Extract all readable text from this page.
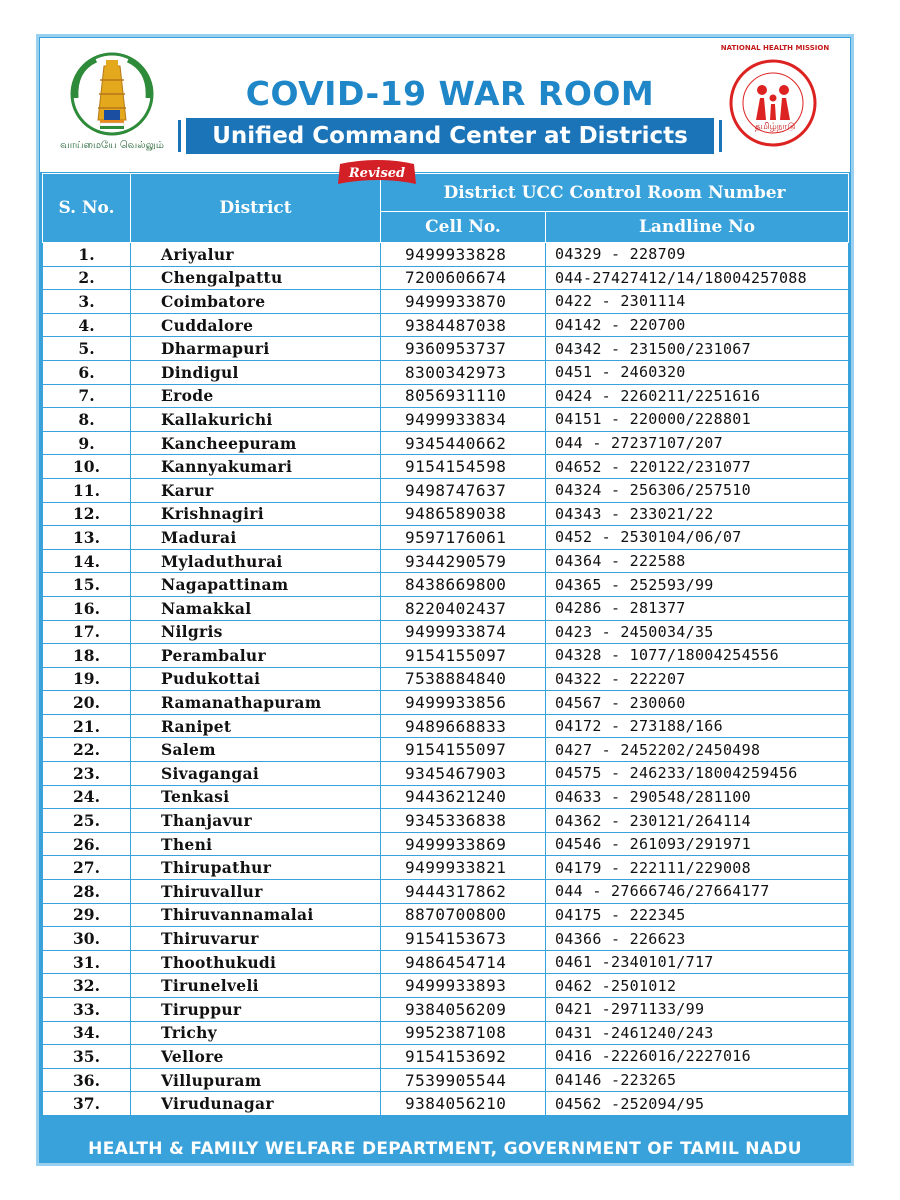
வாய்மையே வெல்லும்
COVID-19 WAR ROOM
Unified Command Center at Districts
NATIONAL HEALTH MISSION
தமிழ்நாடு
S. No.	District	District UCC Control Room Number	
		Cell No.	Landline No
1.	Ariyalur	9499933828	04329 - 228709
2.	Chengalpattu	7200606674	044-27427412/14/18004257088
3.	Coimbatore	9499933870	0422 - 2301114
4.	Cuddalore	9384487038	04142 - 220700
5.	Dharmapuri	9360953737	04342 - 231500/231067
6.	Dindigul	8300342973	0451 - 2460320
7.	Erode	8056931110	0424 - 2260211/2251616
8.	Kallakurichi	9499933834	04151 - 220000/228801
9.	Kancheepuram	9345440662	044 - 27237107/207
10.	Kannyakumari	9154154598	04652 - 220122/231077
11.	Karur	9498747637	04324 - 256306/257510
12.	Krishnagiri	9486589038	04343 - 233021/22
13.	Madurai	9597176061	0452 - 2530104/06/07
14.	Myladuthurai	9344290579	04364 - 222588
15.	Nagapattinam	8438669800	04365 - 252593/99
16.	Namakkal	8220402437	04286 - 281377
17.	Nilgris	9499933874	0423 - 2450034/35
18.	Perambalur	9154155097	04328 - 1077/18004254556
19.	Pudukottai	7538884840	04322 - 222207
20.	Ramanathapuram	9499933856	04567 - 230060
21.	Ranipet	9489668833	04172 - 273188/166
22.	Salem	9154155097	0427 - 2452202/2450498
23.	Sivagangai	9345467903	04575 - 246233/18004259456
24.	Tenkasi	9443621240	04633 - 290548/281100
25.	Thanjavur	9345336838	04362 - 230121/264114
26.	Theni	9499933869	04546 - 261093/291971
27.	Thirupathur	9499933821	04179 - 222111/229008
28.	Thiruvallur	9444317862	044 - 27666746/27664177
29.	Thiruvannamalai	8870700800	04175 - 222345
30.	Thiruvarur	9154153673	04366 - 226623
31.	Thoothukudi	9486454714	0461 -2340101/717
32.	Tirunelveli	9499933893	0462 -2501012
33.	Tiruppur	9384056209	0421 -2971133/99
34.	Trichy	9952387108	0431 -2461240/243
35.	Vellore	9154153692	0416 -2226016/2227016
36.	Villupuram	7539905544	04146 -223265
37.	Virudunagar	9384056210	04562 -252094/95
Revised
HEALTH & FAMILY WELFARE DEPARTMENT, GOVERNMENT OF TAMIL NADU
